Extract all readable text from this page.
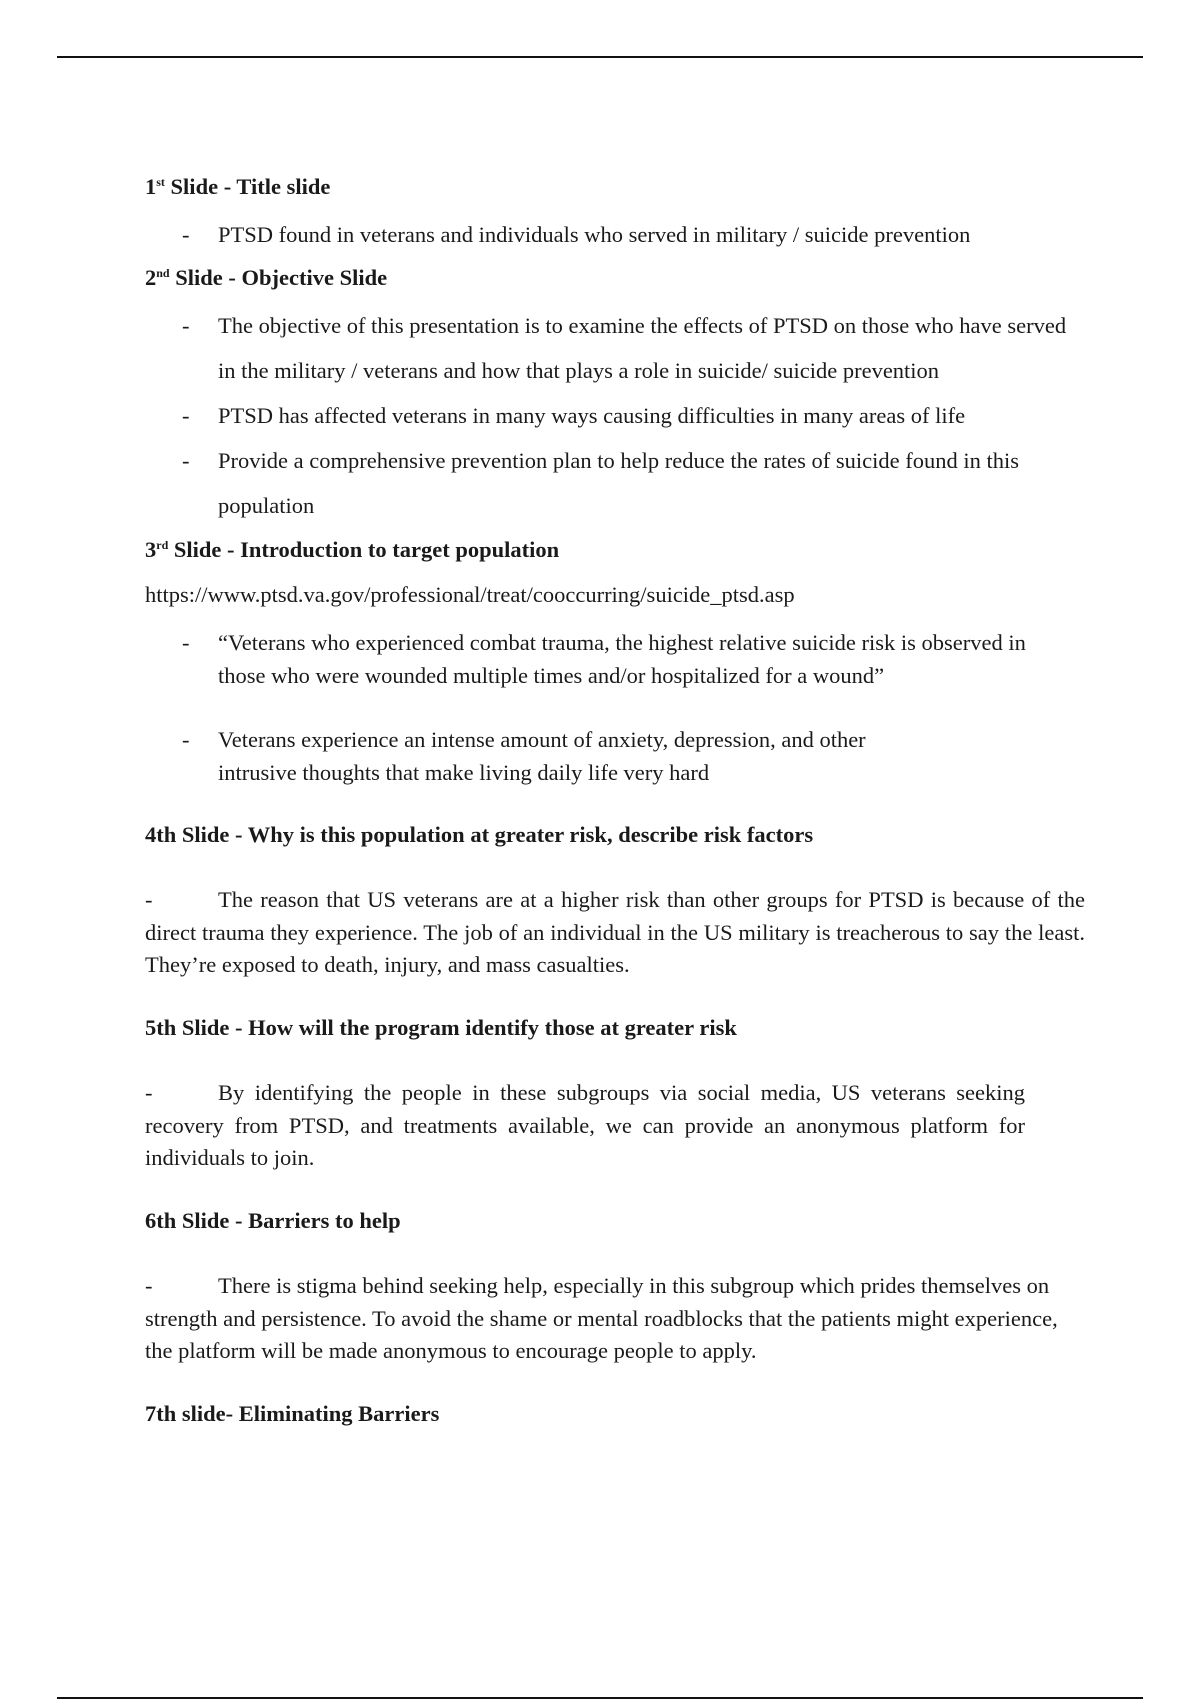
1st Slide - Title slide
- PTSD found in veterans and individuals who served in military / suicide prevention
2nd Slide - Objective Slide
- The objective of this presentation is to examine the effects of PTSD on those who have served in the military / veterans and how that plays a role in suicide/ suicide prevention
- PTSD has affected veterans in many ways causing difficulties in many areas of life
- Provide a comprehensive prevention plan to help reduce the rates of suicide found in this population
3rd Slide - Introduction to target population
https://www.ptsd.va.gov/professional/treat/cooccurring/suicide_ptsd.asp
- “Veterans who experienced combat trauma, the highest relative suicide risk is observed in those who were wounded multiple times and/or hospitalized for a wound”
- Veterans experience an intense amount of anxiety, depression, and other intrusive thoughts that make living daily life very hard
4th Slide - Why is this population at greater risk, describe risk factors
-	The reason that US veterans are at a higher risk than other groups for PTSD is because of the direct trauma they experience. The job of an individual in the US military is treacherous to say the least. They’re exposed to death, injury, and mass casualties.
5th Slide - How will the program identify those at greater risk
-	By identifying the people in these subgroups via social media, US veterans seeking recovery from PTSD, and treatments available, we can provide an anonymous platform for individuals to join.
6th Slide - Barriers to help
-	There is stigma behind seeking help, especially in this subgroup which prides themselves on strength and persistence. To avoid the shame or mental roadblocks that the patients might experience, the platform will be made anonymous to encourage people to apply.
7th slide- Eliminating Barriers
